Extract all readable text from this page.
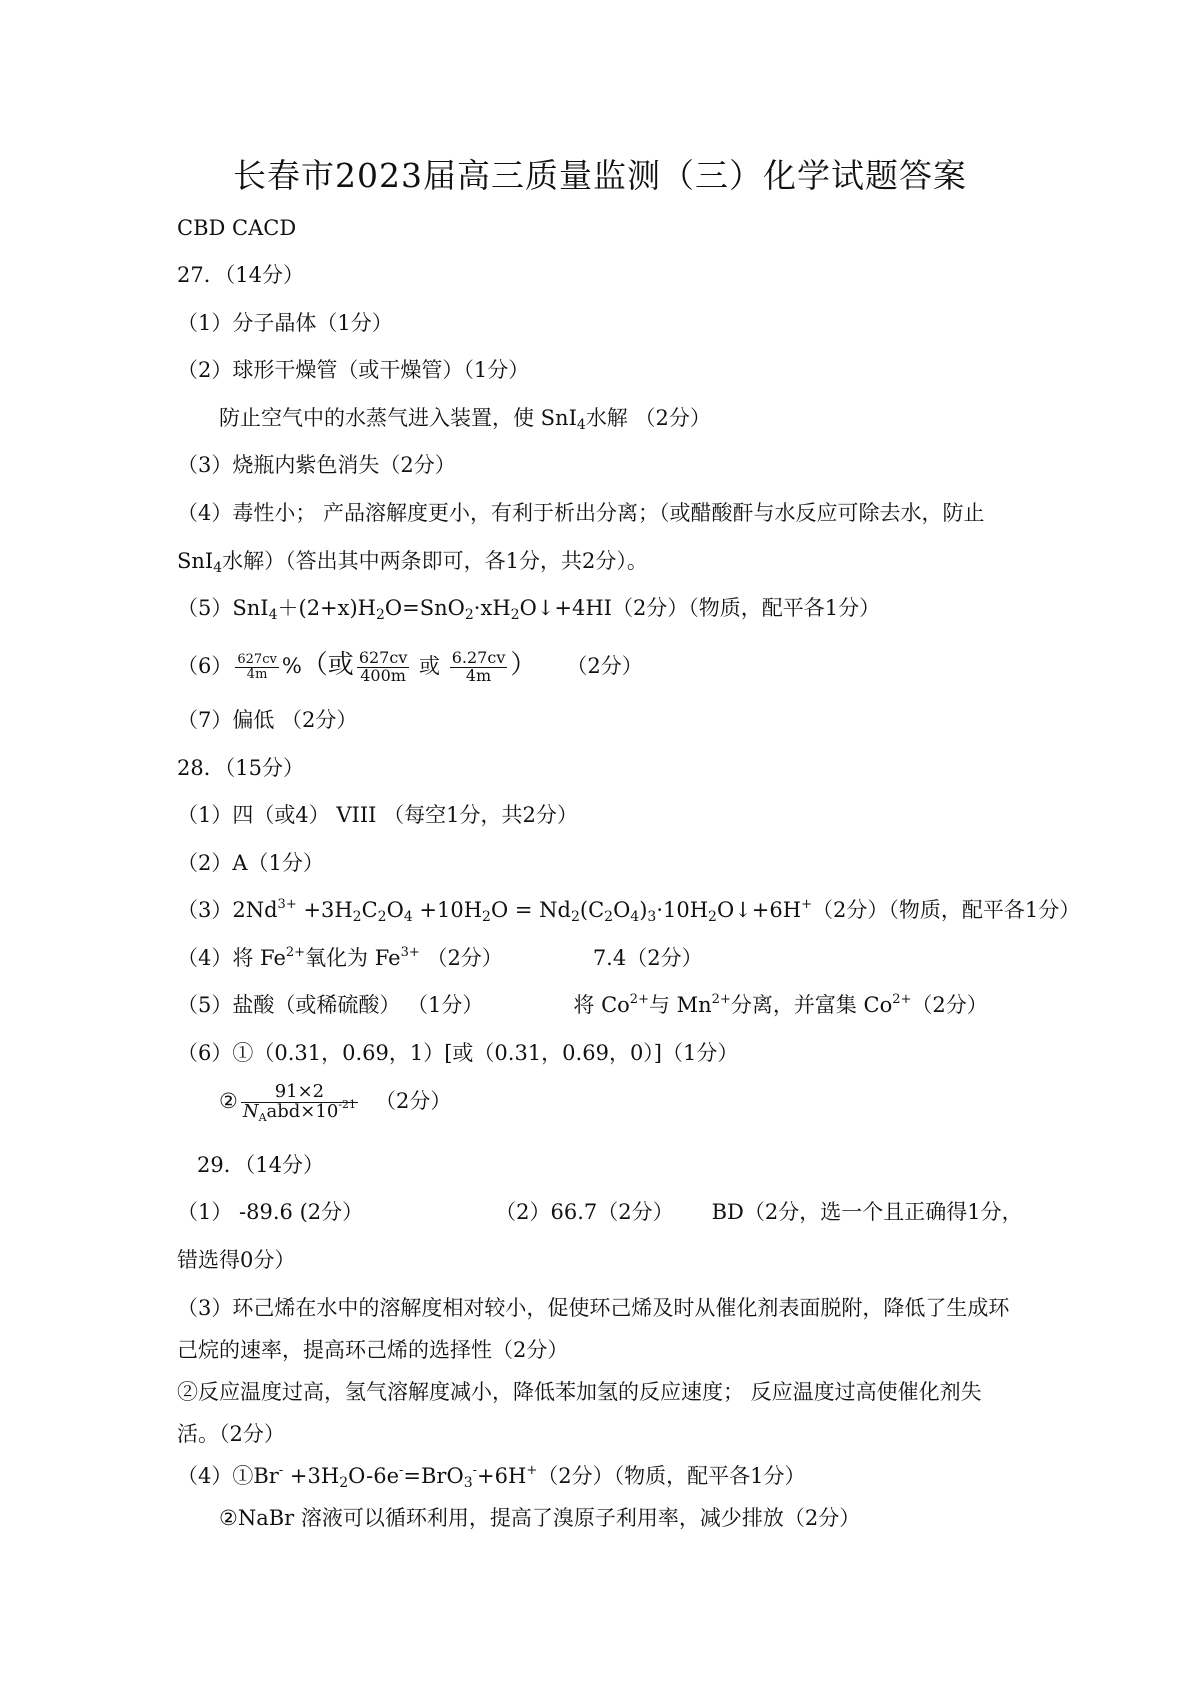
长春市2023届高三质量监测（三）化学试题答案
CBD CACD
27．（14分）
（1）分子晶体（1分）
（2）球形干燥管（或干燥管）（1分）
防止空气中的水蒸气进入装置，使 SnI$_4$水解 （2分）
（3）烧瓶内紫色消失（2分）
（4）毒性小； 产品溶解度更小，有利于析出分离；（或醋酸酐与水反应可除去水，防止
SnI$_4$水解）（答出其中两条即可，各1分，共2分）。
$(5)SnI_4+(2+x)H_2O=SnO_2\cdot xH_2O↓+4HI(2$分）（物质，配平各1分）
$(6) \frac{627cv}{4m}$ %（或 $\frac{627cv}{400m}$ 或 $\frac{6.27cv}{4m}$ ） （2分）
（7）偏低 （2分）
28．（15分）
（1）四（或4） VIII （每空1分，共2分）
（2）A（1分）
$(3)2Nd^{3+} +3H_2C_2O_4 +10H_2O$ = $Nd_2(C_2O_4)_3\cdot 10H_2O↓+6H^+(2$分）（物质，配平各1分）
（4）将 $Fe^{2+}$氧化为 $Fe^{3+}$ （2分）	7.4（2分）
（5）盐酸（或稀硫酸） （1分）	将 $Co^{2+}$与 $Mn^{2+}$分离，并富集 $Co^{2+}(2$分）
（6）①（0.31，0.69，1）[或（0.31，0.69，0）]（1分）
② $\frac{91\times 2}{N_Aabd\times 10^{-21}} (2$分）
29．（14分）
（1） -89.6 (2分）	（2）66.7（2分） BD（2分，选一个且正确得1分，
错选得0分）
（3）环己烯在水中的溶解度相对较小，促使环己烯及时从催化剂表面脱附，降低了生成环
己烷的速率，提高环己烯的选择性（2分）
②反应温度过高，氢气溶解度减小，降低苯加氢的反应速度； 反应温度过高使催化剂失
活。（2分）
（4）①Br- $+3H_2O-6e^-=BrO_3^-+6H^+(2$分）（物质，配平各1分）
②NaBr 溶液可以循环利用，提高了溴原子利用率，减少排放（2分）
